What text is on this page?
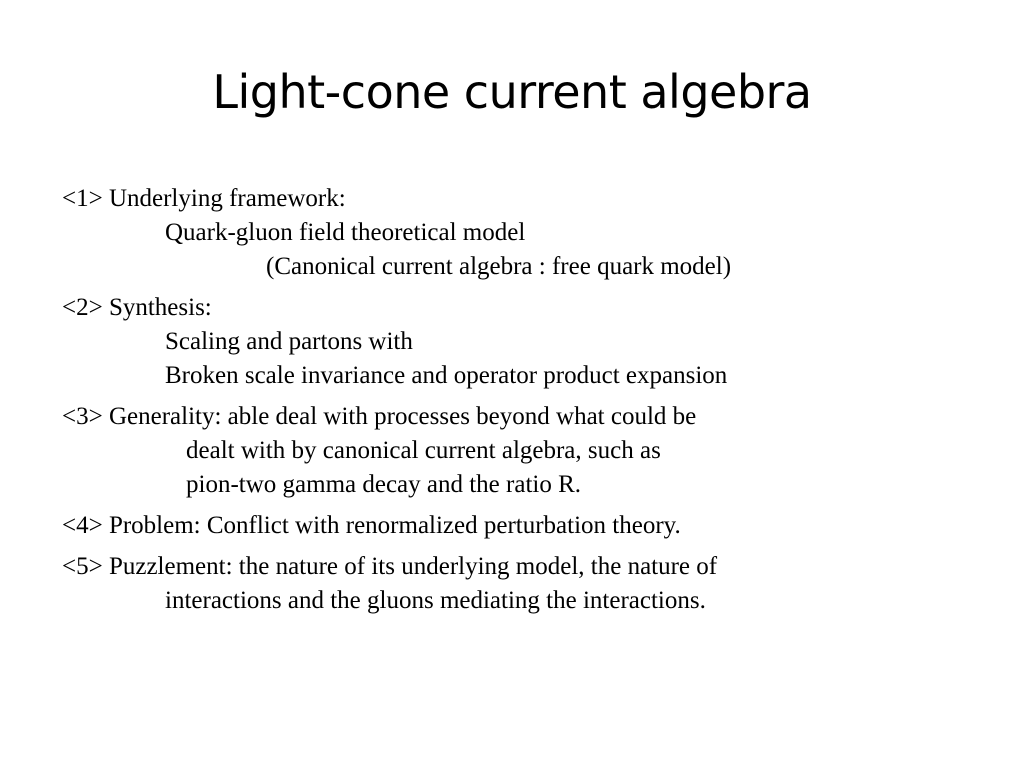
Light-cone current algebra
<1> Underlying framework:
Quark-gluon field theoretical model
(Canonical current algebra : free quark model)
<2> Synthesis:
Scaling and partons with
Broken scale invariance and operator product expansion
<3> Generality: able deal with processes beyond what could be
dealt with by canonical current algebra, such as
pion-two gamma decay and the ratio R.
<4> Problem: Conflict with renormalized perturbation theory.
<5> Puzzlement: the nature of its underlying model, the nature of
interactions and the gluons mediating the interactions.
